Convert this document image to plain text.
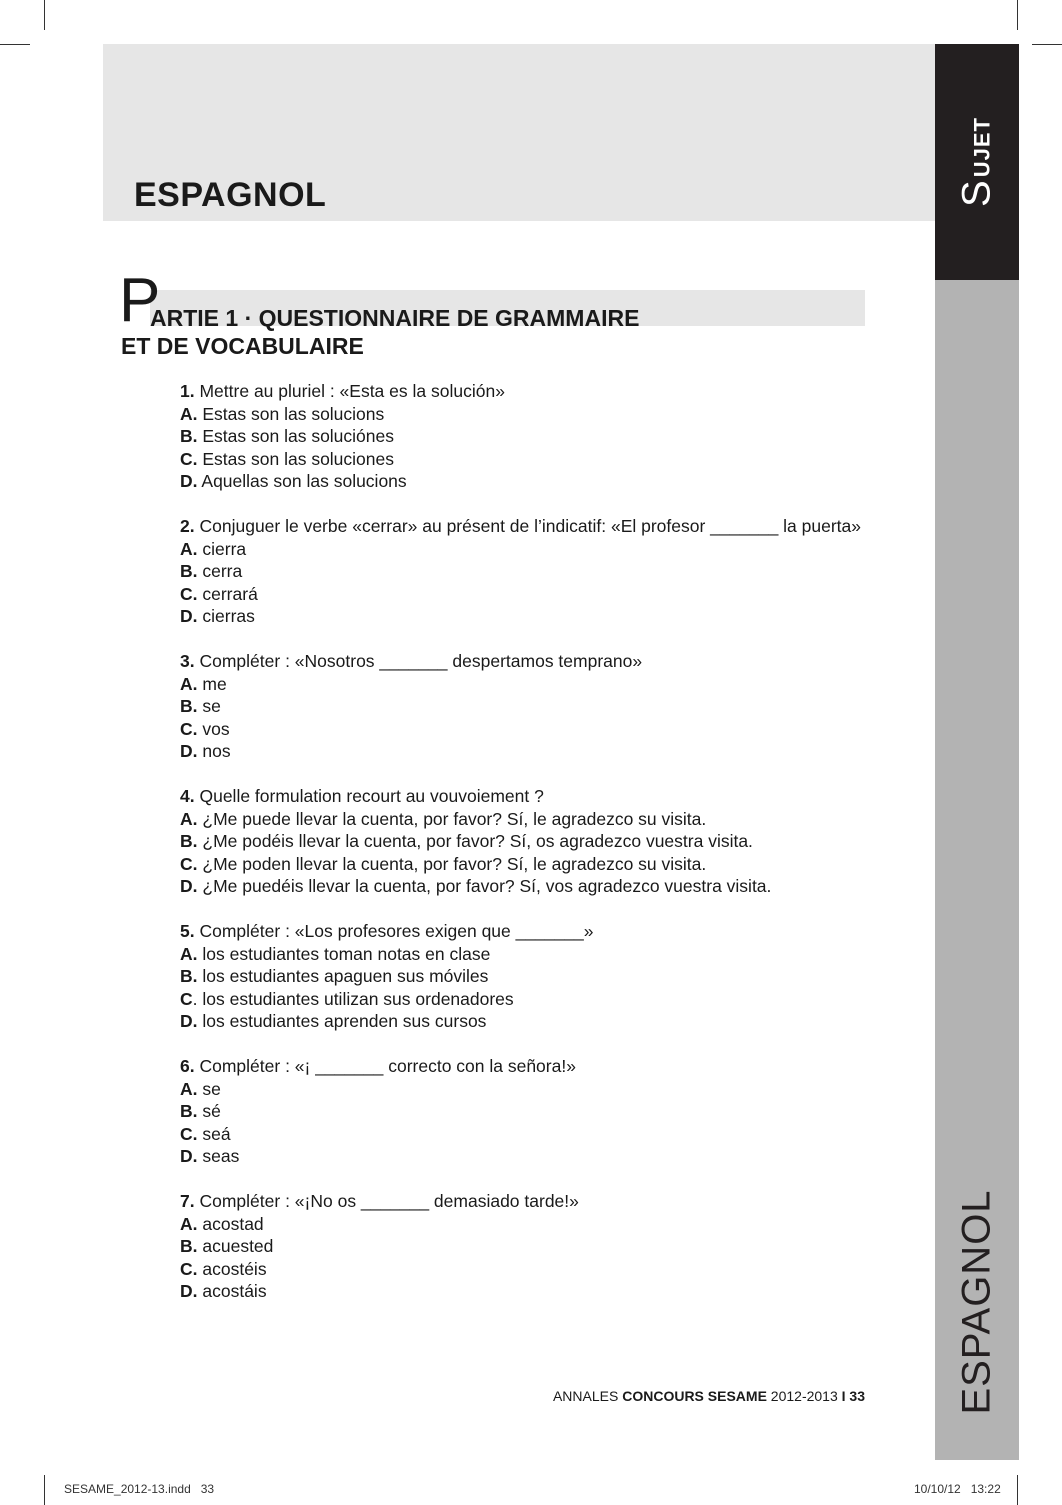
ESPAGNOL	SUJET
ESPAGNOL
P
ARTIE 1 · QUESTIONNAIRE DE GRAMMAIRE
ET DE VOCABULAIRE
1. Mettre au pluriel : «Esta es la solución»
A. Estas son las solucions
B. Estas son las soluciónes
C. Estas son las soluciones
D. Aquellas son las solucions
2. Conjuguer le verbe «cerrar» au présent de l’indicatif: «El profesor _______ la puerta»
A. cierra
B. cerra
C. cerrará
D. cierras
3. Compléter : «Nosotros _______ despertamos temprano»
A. me
B. se
C. vos
D. nos
4. Quelle formulation recourt au vouvoiement ?
A. ¿Me puede llevar la cuenta, por favor? Sí, le agradezco su visita.
B. ¿Me podéis llevar la cuenta, por favor? Sí, os agradezco vuestra visita.
C. ¿Me poden llevar la cuenta, por favor? Sí, le agradezco su visita.
D. ¿Me puedéis llevar la cuenta, por favor? Sí, vos agradezco vuestra visita.
5. Compléter : «Los profesores exigen que _______»
A. los estudiantes toman notas en clase
B. los estudiantes apaguen sus móviles
C. los estudiantes utilizan sus ordenadores
D. los estudiantes aprenden sus cursos
6. Compléter : «¡ _______ correcto con la señora!»
A. se
B. sé
C. seá
D. seas
7. Compléter : «¡No os _______ demasiado tarde!»
A. acostad
B. acuested
C. acostéis
D. acostáis
ANNALES CONCOURS SESAME 2012-2013 I 33
SESAME_2012-13.indd   33	10/10/12   13:22
